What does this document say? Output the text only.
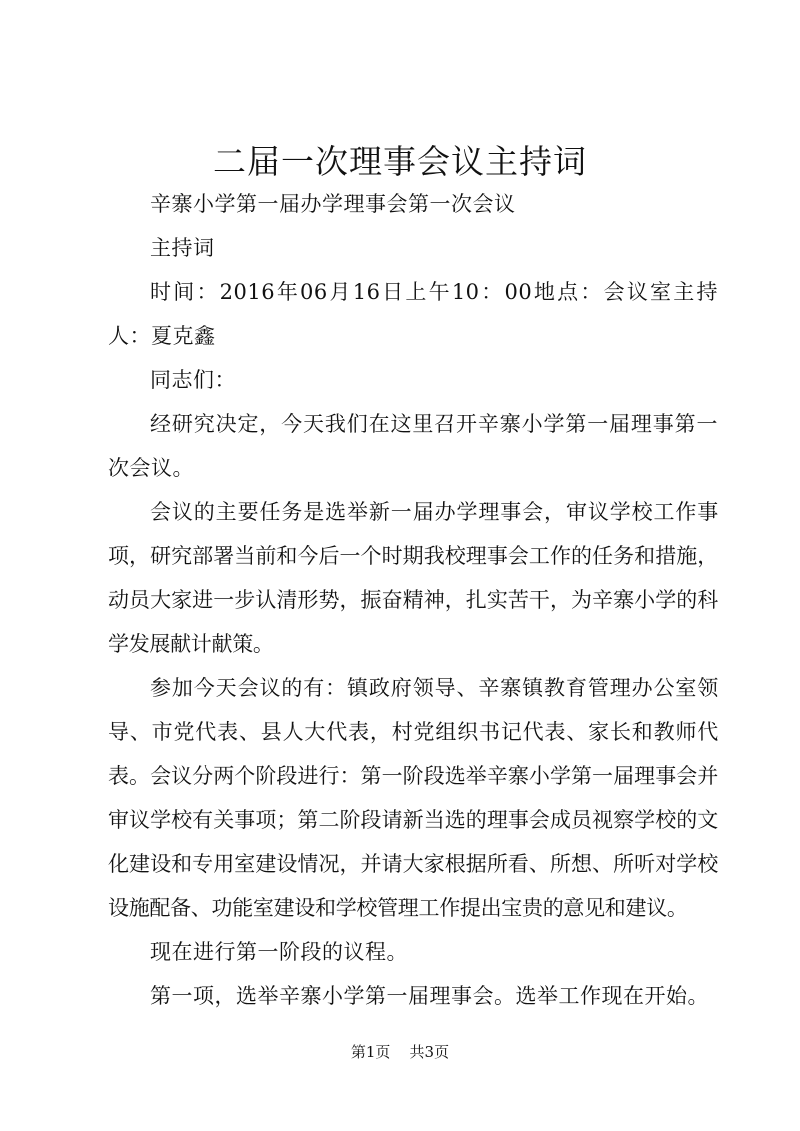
二届一次理事会议主持词

辛寨小学第一届办学理事会第一次会议

主持词

时间：2016年06月16日上午10：00地点：会议室主持人：夏克鑫

同志们：

经研究决定，今天我们在这里召开辛寨小学第一届理事第一次会议。

会议的主要任务是选举新一届办学理事会，审议学校工作事项，研究部署当前和今后一个时期我校理事会工作的任务和措施，动员大家进一步认清形势，振奋精神，扎实苦干，为辛寨小学的科学发展献计献策。

参加今天会议的有：镇政府领导、辛寨镇教育管理办公室领导、市党代表、县人大代表，村党组织书记代表、家长和教师代表。会议分两个阶段进行：第一阶段选举辛寨小学第一届理事会并审议学校有关事项；第二阶段请新当选的理事会成员视察学校的文化建设和专用室建设情况，并请大家根据所看、所想、所听对学校设施配备、功能室建设和学校管理工作提出宝贵的意见和建议。

现在进行第一阶段的议程。

第一项，选举辛寨小学第一届理事会。选举工作现在开始。

第1页 共3页
